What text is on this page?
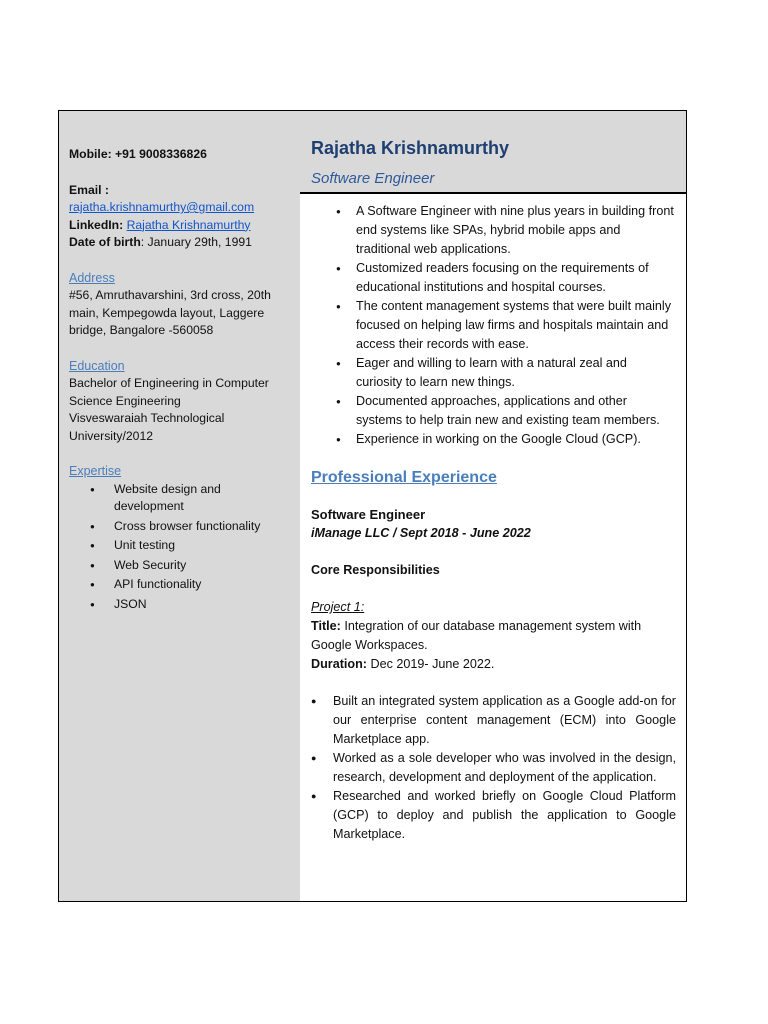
Mobile: +91 9008336826
Email :
rajatha.krishnamurthy@gmail.com
LinkedIn: Rajatha Krishnamurthy
Date of birth: January 29th, 1991
Address
#56, Amruthavarshini, 3rd cross, 20th
main, Kempegowda layout, Laggere
bridge, Bangalore -560058
Education
Bachelor of Engineering in Computer
Science Engineering
Visveswaraiah Technological
University/2012
Expertise
● Website design and development
● Cross browser functionality
● Unit testing
● Web Security
● API functionality
● JSON
Rajatha Krishnamurthy
Software Engineer
● A Software Engineer with nine plus years in building front end systems like SPAs, hybrid mobile apps and traditional web applications.
● Customized readers focusing on the requirements of educational institutions and hospital courses.
● The content management systems that were built mainly focused on helping law firms and hospitals maintain and access their records with ease.
● Eager and willing to learn with a natural zeal and curiosity to learn new things.
● Documented approaches, applications and other systems to help train new and existing team members.
● Experience in working on the Google Cloud (GCP).
Professional Experience
Software Engineer
iManage LLC / Sept 2018 - June 2022
Core Responsibilities
Project 1:
Title: Integration of our database management system with Google Workspaces.
Duration: Dec 2019- June 2022.
● Built an integrated system application as a Google add-on for our enterprise content management (ECM) into Google Marketplace app.
● Worked as a sole developer who was involved in the design, research, development and deployment of the application.
● Researched and worked briefly on Google Cloud Platform (GCP) to deploy and publish the application to Google Marketplace.
